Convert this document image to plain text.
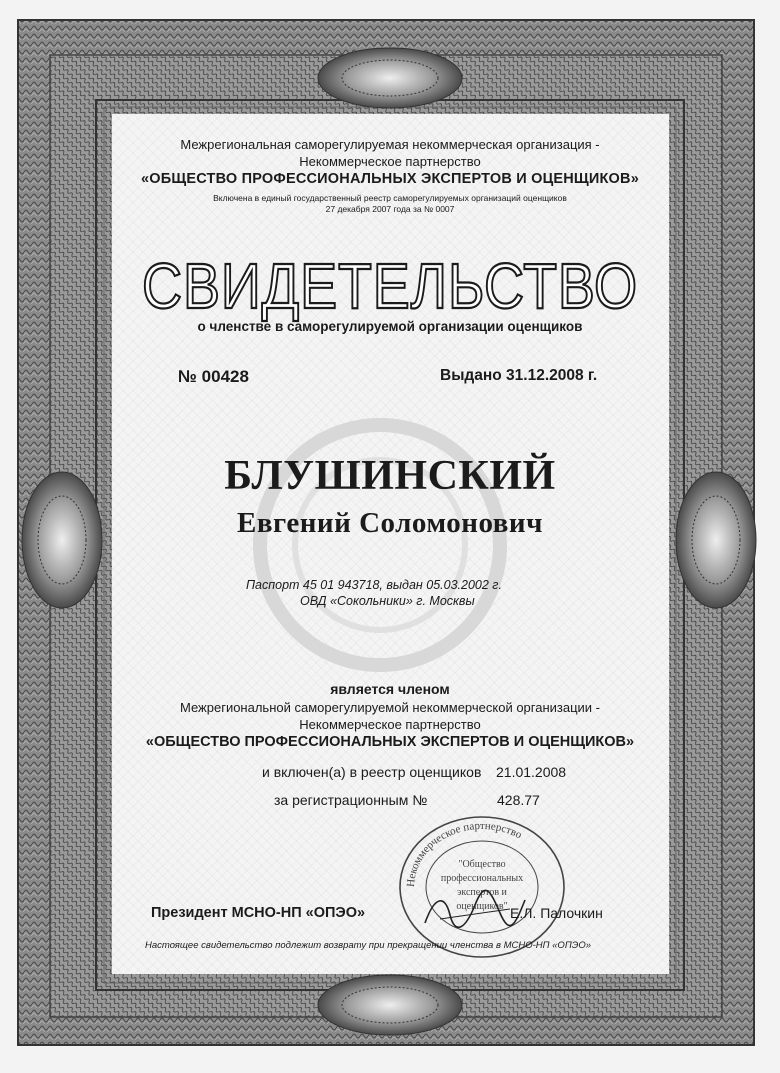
Межрегиональная саморегулируемая некоммерческая организация -
Некоммерческое партнерство
«ОБЩЕСТВО ПРОФЕССИОНАЛЬНЫХ ЭКСПЕРТОВ И ОЦЕНЩИКОВ»
Включена в единый государственный реестр саморегулируемых организаций оценщиков
27 декабря 2007 года за № 0007
СВИДЕТЕЛЬСТВО
о членстве в саморегулируемой организации оценщиков
№ 00428	Выдано 31.12.2008 г.
БЛУШИНСКИЙ
Евгений Соломонович
Паспорт 45 01 943718, выдан 05.03.2002 г.
ОВД «Сокольники» г. Москвы
является членом
Межрегиональной саморегулируемой некоммерческой организации -
Некоммерческое партнерство
«ОБЩЕСТВО ПРОФЕССИОНАЛЬНЫХ ЭКСПЕРТОВ И ОЦЕНЩИКОВ»
и включен(а) в реестр оценщиков 21.01.2008
за регистрационным №	428.77
Некоммерческое партнерство
"Общество
профессиональных
экспертов и
оценщиков"
Президент МСНО-НП «ОПЭО»	Е.Л. Палочкин
Настоящее свидетельство подлежит возврату при прекращении членства в МСНО-НП «ОПЭО»
